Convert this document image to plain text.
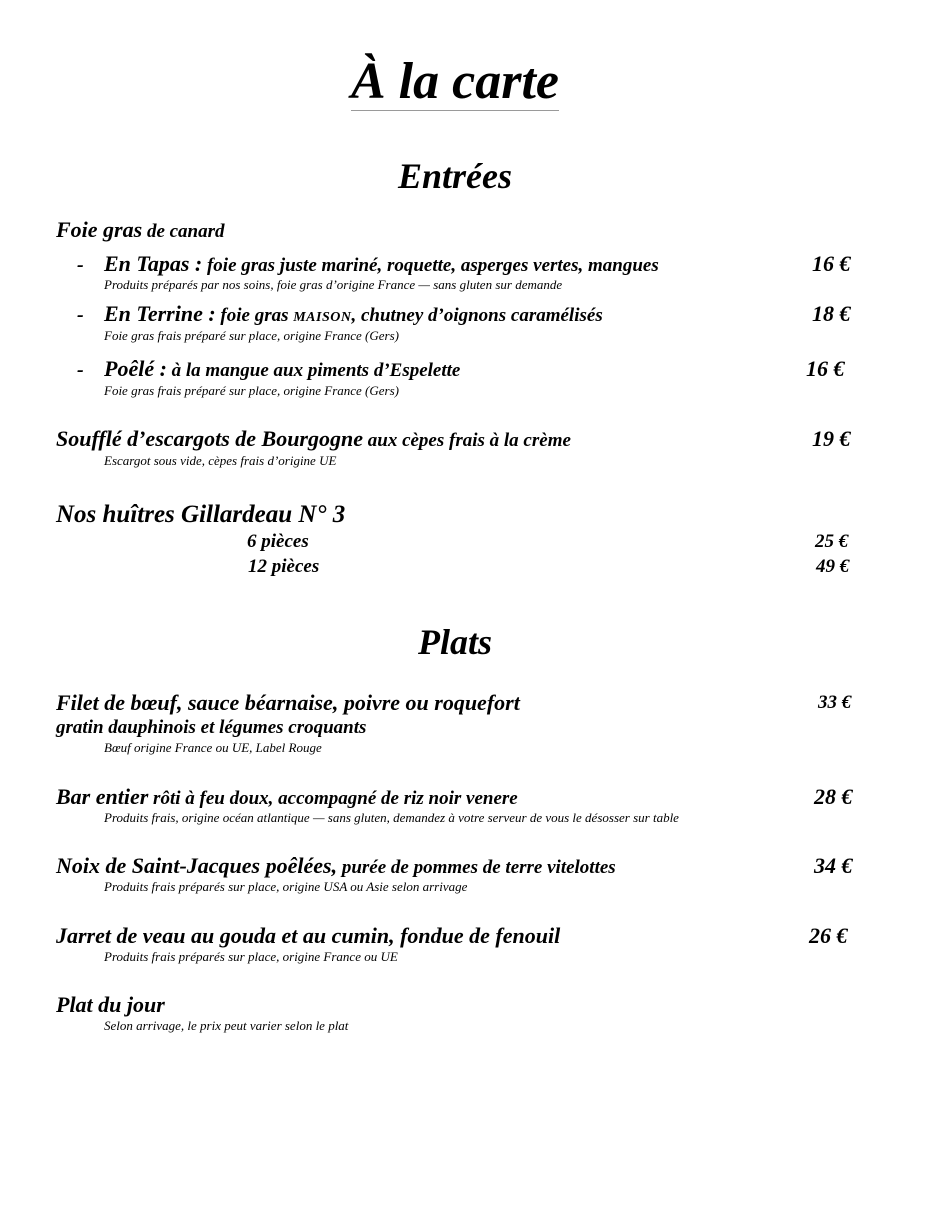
À la carte
Entrées
Foie gras de canard
- En Tapas : foie gras juste mariné, roquette, asperges vertes, mangues
Produits préparés par nos soins, foie gras d’origine France — sans gluten sur demande
16 €
- En Terrine : foie gras MAISON, chutney d’oignons caramélisés
Foie gras frais préparé sur place, origine France (Gers)
18 €
- Poêlé : à la mangue aux piments d’Espelette
Foie gras frais préparé sur place, origine France (Gers)
16 €
Soufflé d’escargots de Bourgogne aux cèpes frais à la crème
Escargot sous vide, cèpes frais d’origine UE
19 €
Nos huîtres Gillardeau N° 3
6 pièces	25 €
12 pièces	49 €
Plats
Filet de bœuf, sauce béarnaise, poivre ou roquefort
gratin dauphinois et légumes croquants
Bœuf origine France ou UE, Label Rouge
33 €
Bar entier rôti à feu doux, accompagné de riz noir venere
Produits frais, origine océan atlantique — sans gluten, demandez à votre serveur de vous le désosser sur table
28 €
Noix de Saint-Jacques poêlées, purée de pommes de terre vitelottes
Produits frais préparés sur place, origine USA ou Asie selon arrivage
34 €
Jarret de veau au gouda et au cumin, fondue de fenouil
Produits frais préparés sur place, origine France ou UE
26 €
Plat du jour
Selon arrivage, le prix peut varier selon le plat
